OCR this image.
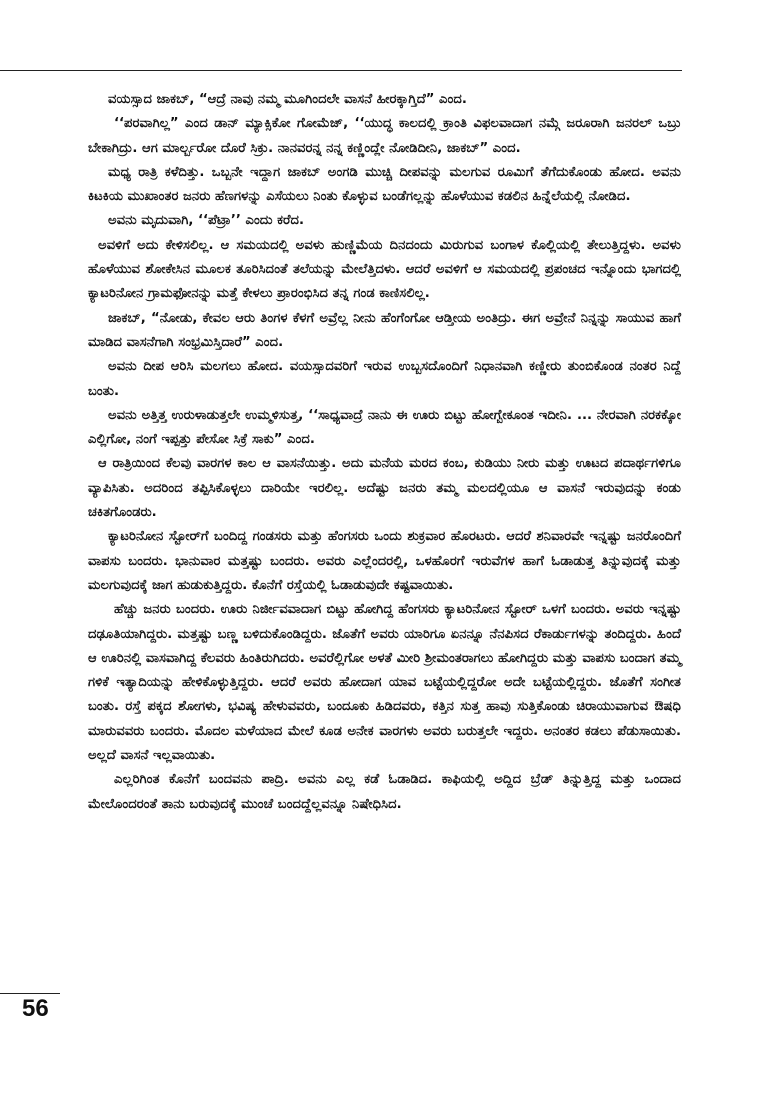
ವಯಸ್ಸಾದ ಜಾಕಬ್, “ಆದ್ರೆ ನಾವು ನಮ್ಮ ಮೂಗಿಂದಲೇ ವಾಸನೆ ಹೀರಕ್ಕಾಗ್ತಿದೆ” ಎಂದ.

‘‘ಪರವಾಗಿಲ್ಲ” ಎಂದ ಡಾನ್ ಮ್ಯಾಕ್ಸಿಕೋ ಗೋಮೆಜ್, ‘‘ಯುದ್ಧ ಕಾಲದಲ್ಲಿ ಕ್ರಾಂತಿ ವಿಫಲವಾದಾಗ ನಮ್ಗೆ ಜರೂರಾಗಿ ಜನರಲ್ ಒಬ್ರು ಬೇಕಾಗಿದ್ರು. ಆಗ ಮಾರ್ಲ್ಬರೋ ದೊರೆ ಸಿಕ್ರು. ನಾನವರನ್ನ ನನ್ನ ಕಣ್ಣಿಂದ್ಲೇ ನೋಡಿದೀನಿ, ಜಾಕಬ್” ಎಂದ.

ಮಧ್ಯ ರಾತ್ರಿ ಕಳೆದಿತ್ತು. ಒಬ್ಬನೇ ಇದ್ದಾಗ ಜಾಕಬ್ ಅಂಗಡಿ ಮುಚ್ಚಿ ದೀಪವನ್ನು ಮಲಗುವ ರೂಮಿಗೆ ತೆಗೆದುಕೊಂಡು ಹೋದ. ಅವನು ಕಿಟಕಿಯ ಮುಖಾಂತರ ಜನರು ಹೆಣಗಳನ್ನು ಎಸೆಯಲು ನಿಂತು ಕೊಳ್ಳುವ ಬಂಡೆಗಲ್ಲನ್ನು ಹೊಳೆಯುವ ಕಡಲಿನ ಹಿನ್ನೆಲೆಯಲ್ಲಿ ನೋಡಿದ.

ಅವನು ಮೃದುವಾಗಿ, ‘‘ಪೆಟ್ರಾ’’ ಎಂದು ಕರೆದ.

ಅವಳಿಗೆ ಅದು ಕೇಳಿಸಲಿಲ್ಲ. ಆ ಸಮಯದಲ್ಲಿ ಅವಳು ಹುಣ್ಣಿಮೆಯ ದಿನದಂದು ಮಿರುಗುವ ಬಂಗಾಳ ಕೊಲ್ಲಿಯಲ್ಲಿ ತೇಲುತ್ತಿದ್ದಳು. ಅವಳು ಹೊಳೆಯುವ ಶೋಕೇಸಿನ ಮೂಲಕ ತೂರಿಸಿದಂತೆ ತಲೆಯನ್ನು ಮೇಲೆತ್ತಿದಳು. ಆದರೆ ಅವಳಿಗೆ ಆ ಸಮಯದಲ್ಲಿ ಪ್ರಪಂಚದ ಇನ್ನೊಂದು ಭಾಗದಲ್ಲಿ ಕ್ಯಾಟರಿನೋನ ಗ್ರಾಮಫೋನನ್ನು ಮತ್ತೆ ಕೇಳಲು ಪ್ರಾರಂಭಿಸಿದ ತನ್ನ ಗಂಡ ಕಾಣಿಸಲಿಲ್ಲ.

ಜಾಕಬ್, “ನೋಡು, ಕೇವಲ ಆರು ತಿಂಗಳ ಕೆಳಗೆ ಅವ್ರೆಲ್ಲ ನೀನು ಹೆಂಗೆಂಗೋ ಆಡ್ತೀಯ ಅಂತಿದ್ರು. ಈಗ ಅವ್ರೇನೆ ನಿನ್ನನ್ನು ಸಾಯುವ ಹಾಗೆ ಮಾಡಿದ ವಾಸನೆಗಾಗಿ ಸಂಭ್ರಮಿಸ್ತಿದಾರೆ” ಎಂದ.

ಅವನು ದೀಪ ಆರಿಸಿ ಮಲಗಲು ಹೋದ. ವಯಸ್ಸಾದವರಿಗೆ ಇರುವ ಉಬ್ಬಸದೊಂದಿಗೆ ನಿಧಾನವಾಗಿ ಕಣ್ಣೀರು ತುಂಬಿಕೊಂಡ ನಂತರ ನಿದ್ದೆ ಬಂತು.

ಅವನು ಅತ್ತಿತ್ತ ಉರುಳಾಡುತ್ತಲೇ ಉಮ್ಮಳಿಸುತ್ತ, ‘‘ಸಾಧ್ಯವಾದ್ರೆ ನಾನು ಈ ಊರು ಬಿಟ್ಟು ಹೋಗ್ಬೇಕೂಂತ ಇದೀನಿ. ... ನೇರವಾಗಿ ನರಕಕ್ಕೋ ಎಲ್ಲಿಗೋ, ನಂಗೆ ಇಪ್ಪತ್ತು ಪೇಸೋ ಸಿಕ್ರೆ ಸಾಕು” ಎಂದ.

ಆ ರಾತ್ರಿಯಿಂದ ಕೆಲವು ವಾರಗಳ ಕಾಲ ಆ ವಾಸನೆಯಿತ್ತು. ಅದು ಮನೆಯ ಮರದ ಕಂಬ, ಕುಡಿಯು ನೀರು ಮತ್ತು ಊಟದ ಪದಾರ್ಥಗಳಿಗೂ ವ್ಯಾಪಿಸಿತು. ಅದರಿಂದ ತಪ್ಪಿಸಿಕೊಳ್ಳಲು ದಾರಿಯೇ ಇರಲಿಲ್ಲ. ಅದೆಷ್ಟು ಜನರು ತಮ್ಮ ಮಲದಲ್ಲಿಯೂ ಆ ವಾಸನೆ ಇರುವುದನ್ನು ಕಂಡು ಚಕಿತಗೊಂಡರು.

ಕ್ಯಾಟರಿನೋನ ಸ್ಟೋರ್‌ಗೆ ಬಂದಿದ್ದ ಗಂಡಸರು ಮತ್ತು ಹೆಂಗಸರು ಒಂದು ಶುಕ್ರವಾರ ಹೊರಟರು. ಆದರೆ ಶನಿವಾರವೇ ಇನ್ನಷ್ಟು ಜನರೊಂದಿಗೆ ವಾಪಸು ಬಂದರು. ಭಾನುವಾರ ಮತ್ತಷ್ಟು ಬಂದರು. ಅವರು ಎಲ್ಲೆಂದರಲ್ಲಿ, ಒಳಹೊರಗೆ ಇರುವೆಗಳ ಹಾಗೆ ಓಡಾಡುತ್ತ ತಿನ್ನುವುದಕ್ಕೆ ಮತ್ತು ಮಲಗುವುದಕ್ಕೆ ಜಾಗ ಹುಡುಕುತ್ತಿದ್ದರು. ಕೊನೆಗೆ ರಸ್ತೆಯಲ್ಲಿ ಓಡಾಡುವುದೇ ಕಷ್ಟವಾಯಿತು.

ಹೆಚ್ಚು ಜನರು ಬಂದರು. ಊರು ನಿರ್ಜೀವವಾದಾಗ ಬಿಟ್ಟು ಹೋಗಿದ್ದ ಹೆಂಗಸರು ಕ್ಯಾಟರಿನೋನ ಸ್ಟೋರ್ ಒಳಗೆ ಬಂದರು. ಅವರು ಇನ್ನಷ್ಟು ದಢೂತಿಯಾಗಿದ್ದರು. ಮತ್ತಷ್ಟು ಬಣ್ಣ ಬಳಿದುಕೊಂಡಿದ್ದರು. ಜೊತೆಗೆ ಅವರು ಯಾರಿಗೂ ಏನನ್ನೂ ನೆನಪಿಸದ ರೆಕಾರ್ಡುಗಳನ್ನು ತಂದಿದ್ದರು. ಹಿಂದೆ ಆ ಊರಿನಲ್ಲಿ ವಾಸವಾಗಿದ್ದ ಕೆಲವರು ಹಿಂತಿರುಗಿದರು. ಅವರೆಲ್ಲಿಗೋ ಅಳತೆ ಮೀರಿ ಶ್ರೀಮಂತರಾಗಲು ಹೋಗಿದ್ದರು ಮತ್ತು ವಾಪಸು ಬಂದಾಗ ತಮ್ಮ ಗಳಿಕೆ ಇತ್ಯಾದಿಯನ್ನು ಹೇಳಿಕೊಳ್ಳುತ್ತಿದ್ದರು. ಆದರೆ ಅವರು ಹೋದಾಗ ಯಾವ ಬಟ್ಟೆಯಲ್ಲಿದ್ದರೋ ಅದೇ ಬಟ್ಟೆಯಲ್ಲಿದ್ದರು. ಜೊತೆಗೆ ಸಂಗೀತ ಬಂತು. ರಸ್ತೆ ಪಕ್ಕದ ಶೋಗಳು, ಭವಿಷ್ಯ ಹೇಳುವವರು, ಬಂದೂಕು ಹಿಡಿದವರು, ಕತ್ತಿನ ಸುತ್ತ ಹಾವು ಸುತ್ತಿಕೊಂಡು ಚಿರಾಯುವಾಗುವ ಔಷಧಿ ಮಾರುವವರು ಬಂದರು. ಮೊದಲ ಮಳೆಯಾದ ಮೇಲೆ ಕೂಡ ಅನೇಕ ವಾರಗಳು ಅವರು ಬರುತ್ತಲೇ ಇದ್ದರು. ಅನಂತರ ಕಡಲು ಪೆಡುಸಾಯಿತು. ಅಲ್ಲದೆ ವಾಸನೆ ಇಲ್ಲವಾಯಿತು.

ಎಲ್ಲರಿಗಿಂತ ಕೊನೆಗೆ ಬಂದವನು ಪಾದ್ರಿ. ಅವನು ಎಲ್ಲ ಕಡೆ ಓಡಾಡಿದ. ಕಾಫಿಯಲ್ಲಿ ಅದ್ದಿದ ಬ್ರೆಡ್ ತಿನ್ನುತ್ತಿದ್ದ ಮತ್ತು ಒಂದಾದ ಮೇಲೊಂದರಂತೆ ತಾನು ಬರುವುದಕ್ಕೆ ಮುಂಚೆ ಬಂದದ್ದೆಲ್ಲವನ್ನೂ ನಿಷೇಧಿಸಿದ.

56
